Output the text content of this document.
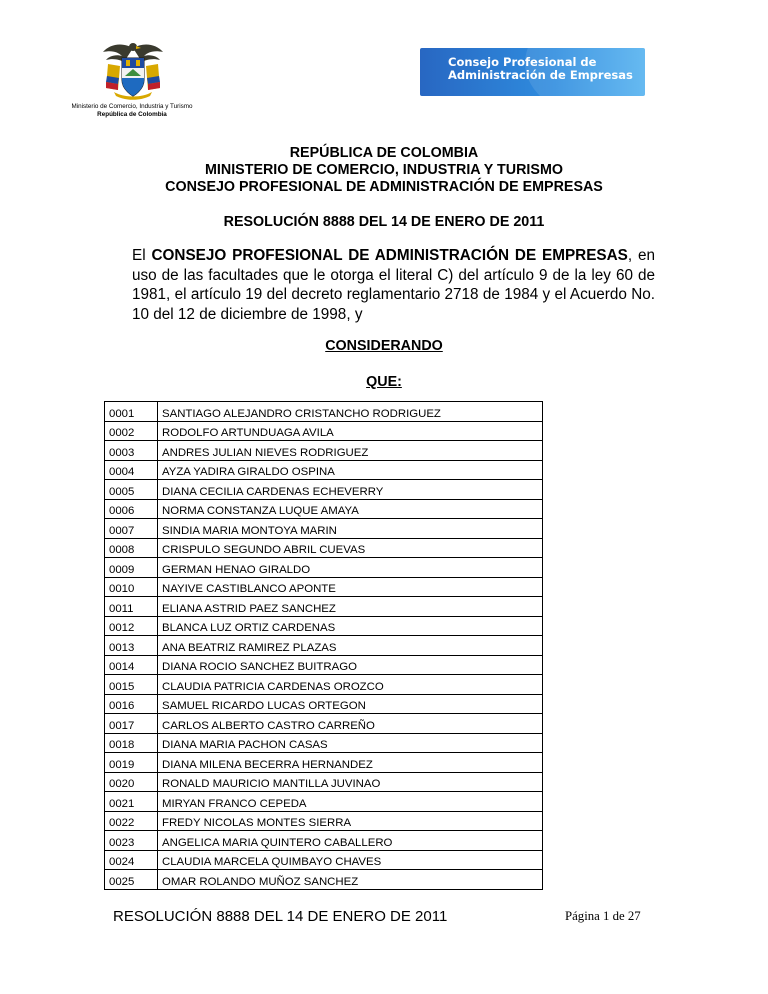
Ministerio de Comercio, Industria y Turismo
República de Colombia
Consejo Profesional de
Administración de Empresas
REPÚBLICA DE COLOMBIA
MINISTERIO DE COMERCIO, INDUSTRIA Y TURISMO
CONSEJO PROFESIONAL DE ADMINISTRACIÓN DE EMPRESAS
RESOLUCIÓN 8888 DEL 14 DE ENERO DE 2011
El CONSEJO PROFESIONAL DE ADMINISTRACIÓN DE EMPRESAS, en uso de las facultades que le otorga el literal C) del artículo 9 de la ley 60 de 1981, el artículo 19 del decreto reglamentario 2718 de 1984 y el Acuerdo No. 10 del 12 de diciembre de 1998, y
CONSIDERANDO
QUE:
0001	SANTIAGO ALEJANDRO CRISTANCHO RODRIGUEZ
0002	RODOLFO ARTUNDUAGA AVILA
0003	ANDRES JULIAN NIEVES RODRIGUEZ
0004	AYZA YADIRA GIRALDO OSPINA
0005	DIANA CECILIA CARDENAS ECHEVERRY
0006	NORMA CONSTANZA LUQUE AMAYA
0007	SINDIA MARIA MONTOYA MARIN
0008	CRISPULO SEGUNDO ABRIL CUEVAS
0009	GERMAN HENAO GIRALDO
0010	NAYIVE CASTIBLANCO APONTE
0011	ELIANA ASTRID PAEZ SANCHEZ
0012	BLANCA LUZ ORTIZ CARDENAS
0013	ANA BEATRIZ RAMIREZ PLAZAS
0014	DIANA ROCIO SANCHEZ BUITRAGO
0015	CLAUDIA PATRICIA CARDENAS OROZCO
0016	SAMUEL RICARDO LUCAS ORTEGON
0017	CARLOS ALBERTO CASTRO CARREÑO
0018	DIANA MARIA PACHON CASAS
0019	DIANA MILENA BECERRA HERNANDEZ
0020	RONALD MAURICIO MANTILLA JUVINAO
0021	MIRYAN FRANCO CEPEDA
0022	FREDY NICOLAS MONTES SIERRA
0023	ANGELICA MARIA QUINTERO CABALLERO
0024	CLAUDIA MARCELA QUIMBAYO CHAVES
0025	OMAR ROLANDO MUÑOZ SANCHEZ
RESOLUCIÓN 8888 DEL 14 DE ENERO DE 2011	Página 1 de 27
